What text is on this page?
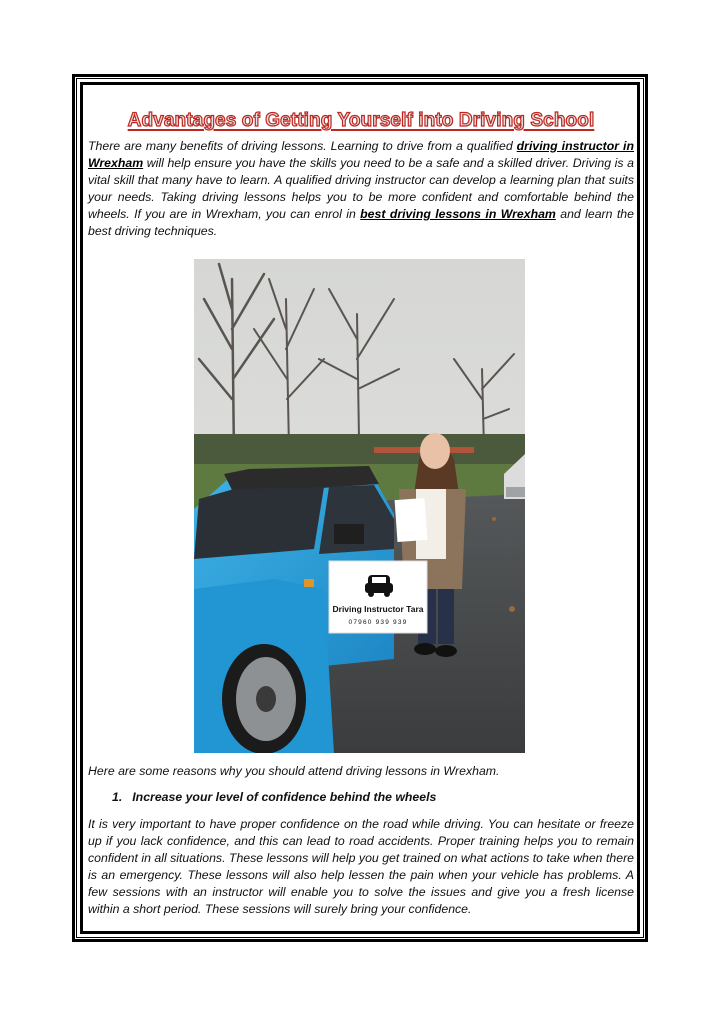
Advantages of Getting Yourself into Driving School

There are many benefits of driving lessons. Learning to drive from a qualified driving instructor in Wrexham will help ensure you have the skills you need to be a safe and a skilled driver. Driving is a vital skill that many have to learn. A qualified driving instructor can develop a learning plan that suits your needs. Taking driving lessons helps you to be more confident and comfortable behind the wheels. If you are in Wrexham, you can enrol in best driving lessons in Wrexham and learn the best driving techniques.

Driving Instructor Tara
07960 939 939

Here are some reasons why you should attend driving lessons in Wrexham.

1. Increase your level of confidence behind the wheels

It is very important to have proper confidence on the road while driving. You can hesitate or freeze up if you lack confidence, and this can lead to road accidents. Proper training helps you to remain confident in all situations. These lessons will help you get trained on what actions to take when there is an emergency. These lessons will also help lessen the pain when your vehicle has problems. A few sessions with an instructor will enable you to solve the issues and give you a fresh license within a short period. These sessions will surely bring your confidence.
